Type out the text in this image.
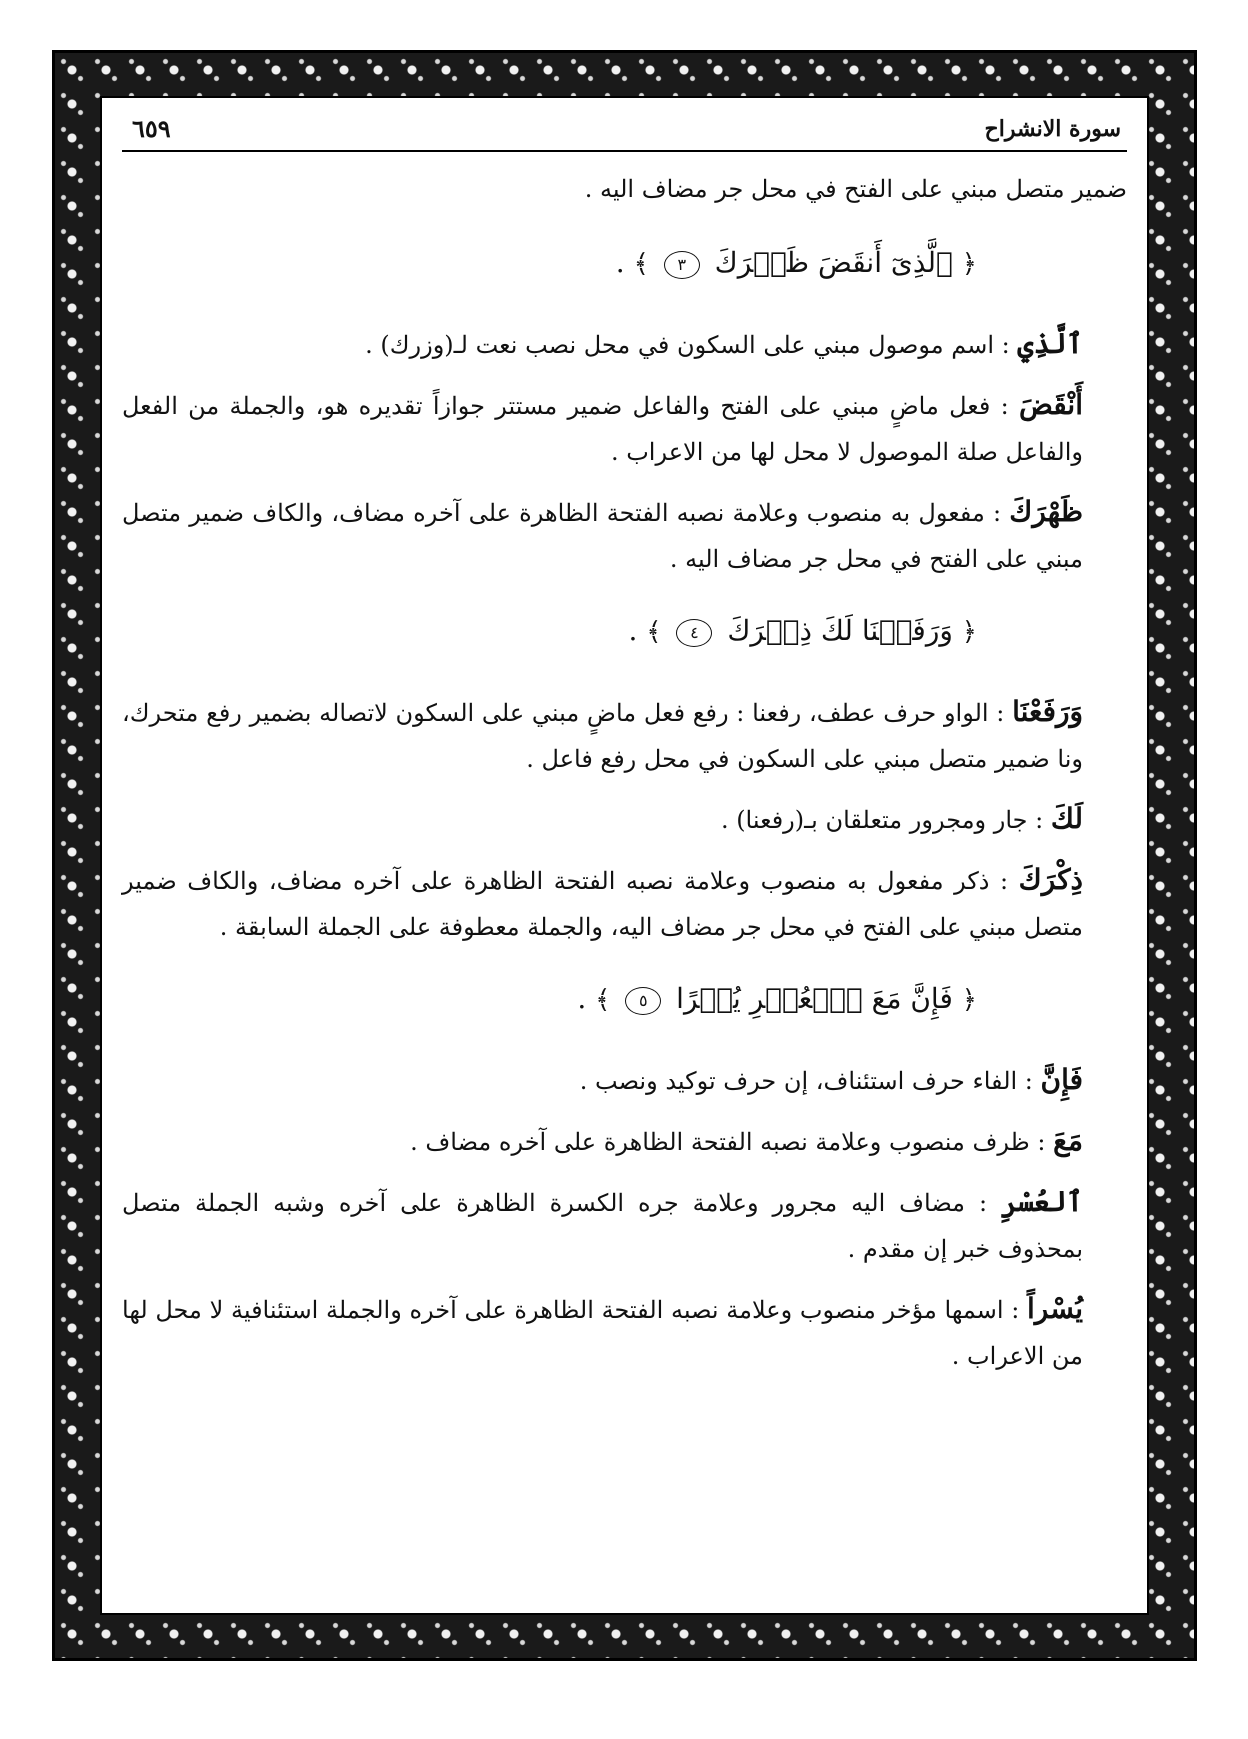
سورة الانشراح
٦٥٩

ضمير متصل مبني على الفتح في محل جر مضاف اليه .

﴿ ٱلَّذِىٓ أَنقَضَ ظَهۡرَكَ ٣ ﴾ .

ٱلَّذِي : اسم موصول مبني على السكون في محل نصب نعت لـ(وزرك) .

أَنْقَضَ : فعل ماضٍ مبني على الفتح والفاعل ضمير مستتر جوازاً تقديره هو، والجملة من الفعل والفاعل صلة الموصول لا محل لها من الاعراب .

ظَهْرَكَ : مفعول به منصوب وعلامة نصبه الفتحة الظاهرة على آخره مضاف، والكاف ضمير متصل مبني على الفتح في محل جر مضاف اليه .

﴿ وَرَفَعۡنَا لَكَ ذِكۡرَكَ ٤ ﴾ .

وَرَفَعْنَا : الواو حرف عطف، رفعنا : رفع فعل ماضٍ مبني على السكون لاتصاله بضمير رفع متحرك، ونا ضمير متصل مبني على السكون في محل رفع فاعل .

لَكَ : جار ومجرور متعلقان بـ(رفعنا) .

ذِكْرَكَ : ذكر مفعول به منصوب وعلامة نصبه الفتحة الظاهرة على آخره مضاف، والكاف ضمير متصل مبني على الفتح في محل جر مضاف اليه، والجملة معطوفة على الجملة السابقة .

﴿ فَإِنَّ مَعَ ٱلۡعُسۡرِ يُسۡرًا ٥ ﴾ .

فَإِنَّ : الفاء حرف استئناف، إن حرف توكيد ونصب .

مَعَ : ظرف منصوب وعلامة نصبه الفتحة الظاهرة على آخره مضاف .

ٱلعُسْرِ : مضاف اليه مجرور وعلامة جره الكسرة الظاهرة على آخره وشبه الجملة متصل بمحذوف خبر إن مقدم .

يُسْراً : اسمها مؤخر منصوب وعلامة نصبه الفتحة الظاهرة على آخره والجملة استئنافية لا محل لها من الاعراب .
